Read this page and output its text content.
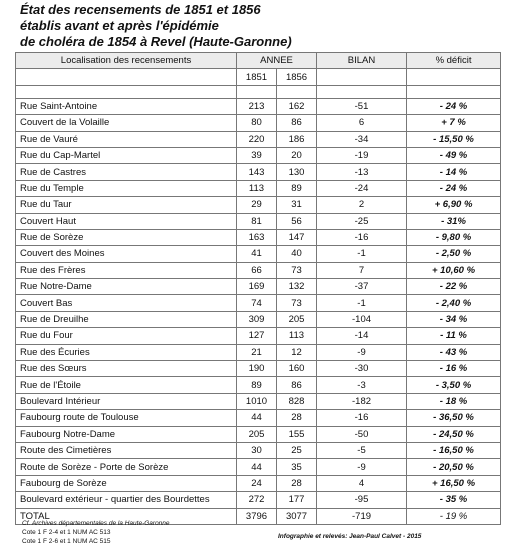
État des recensements de 1851 et 1856
établis avant et après l'épidémie
de choléra de 1854 à Revel (Haute-Garonne)
Localisation des recensements	ANNEE		BILAN	% déficit
	1851	1856		

Rue Saint-Antoine	213	162	-51	- 24 %
Couvert de la Volaille	80	86	6	+ 7 %
Rue de Vauré	220	186	-34	- 15,50 %
Rue du Cap-Martel	39	20	-19	- 49 %
Rue de Castres	143	130	-13	- 14 %
Rue du Temple	113	89	-24	- 24 %
Rue du Taur	29	31	2	+ 6,90 %
Couvert Haut	81	56	-25	- 31%
Rue de Sorèze	163	147	-16	- 9,80 %
Couvert des Moines	41	40	-1	- 2,50 %
Rue des Frères	66	73	7	+ 10,60 %
Rue Notre-Dame	169	132	-37	- 22 %
Couvert Bas	74	73	-1	- 2,40 %
Rue de Dreuilhe	309	205	-104	- 34 %
Rue du Four	127	113	-14	- 11 %
Rue des Écuries	21	12	-9	- 43 %
Rue des Sœurs	190	160	-30	- 16 %
Rue de l'Étoile	89	86	-3	- 3,50 %
Boulevard Intérieur	1010	828	-182	- 18 %
Faubourg route de Toulouse	44	28	-16	- 36,50 %
Faubourg Notre-Dame	205	155	-50	- 24,50 %
Route des Cimetières	30	25	-5	- 16,50 %
Route de Sorèze - Porte de Sorèze	44	35	-9	- 20,50 %
Faubourg de Sorèze	24	28	4	+ 16,50 %
Boulevard extérieur - quartier des Bourdettes	272	177	-95	- 35 %
TOTAL	3796	3077	-719	- 19 %
Cf. Archives départementales de la Haute-Garonne
Cote 1 F 2-4 et 1 NUM AC 513
Cote 1 F 2-6 et 1 NUM AC 515
Infographie et relevés: Jean-Paul Calvet - 2015
